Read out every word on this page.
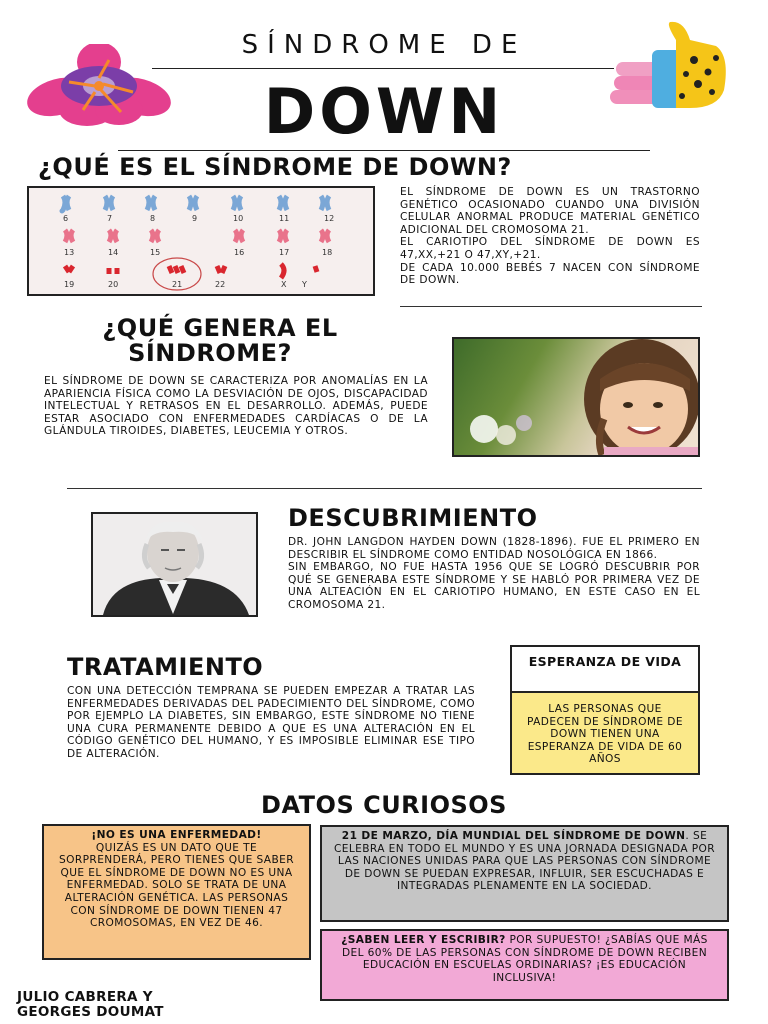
SÍNDROME DE
DOWN
¿QUÉ ES EL SÍNDROME DE DOWN?
6	7	8	9	10	11	12
13	14	15	16	17	18
19	20	21	22	X Y
EL SÍNDROME DE DOWN ES UN TRASTORNO GENÉTICO OCASIONADO CUANDO UNA DIVISIÓN CELULAR ANORMAL PRODUCE MATERIAL GENÉTICO ADICIONAL DEL CROMOSOMA 21.
EL CARIOTIPO DEL SÍNDROME DE DOWN ES 47,XX,+21 O 47,XY,+21.
DE CADA 10.000 BEBÉS 7 NACEN CON SÍNDROME DE DOWN.
¿QUÉ GENERA EL
SÍNDROME?
EL SÍNDROME DE DOWN SE CARACTERIZA POR ANOMALÍAS EN LA APARIENCIA FÍSICA COMO LA DESVIACIÓN DE OJOS, DISCAPACIDAD INTELECTUAL Y RETRASOS EN EL DESARROLLO. ADEMÁS, PUEDE ESTAR ASOCIADO CON ENFERMEDADES CARDÍACAS O DE LA GLÁNDULA TIROIDES, DIABETES, LEUCEMIA Y OTROS.
DESCUBRIMIENTO
DR. JOHN LANGDON HAYDEN DOWN (1828-1896). FUE EL PRIMERO EN DESCRIBIR EL SÍNDROME COMO ENTIDAD NOSOLÓGICA EN 1866.
SIN EMBARGO, NO FUE HASTA 1956 QUE SE LOGRÓ DESCUBRIR POR QUÉ SE GENERABA ESTE SÍNDROME Y SE HABLÓ POR PRIMERA VEZ DE UNA ALTEACIÓN EN EL CARIOTIPO HUMANO, EN ESTE CASO EN EL CROMOSOMA 21.
TRATAMIENTO
CON UNA DETECCIÓN TEMPRANA SE PUEDEN EMPEZAR A TRATAR LAS ENFERMEDADES DERIVADAS DEL PADECIMIENTO DEL SÍNDROME, COMO POR EJEMPLO LA DIABETES, SIN EMBARGO, ESTE SÍNDROME NO TIENE UNA CURA PERMANENTE DEBIDO A QUE ES UNA ALTERACIÓN EN EL CÓDIGO GENÉTICO DEL HUMANO, Y ES IMPOSIBLE ELIMINAR ESE TIPO DE ALTERACIÓN.
ESPERANZA DE VIDA
LAS PERSONAS QUE PADECEN DE SÍNDROME DE DOWN TIENEN UNA ESPERANZA DE VIDA DE 60 AÑOS
DATOS CURIOSOS
¡NO ES UNA ENFERMEDAD!
QUIZÁS ES UN DATO QUE TE SORPRENDERÁ, PERO TIENES QUE SABER QUE EL SÍNDROME DE DOWN NO ES UNA ENFERMEDAD. SOLO SE TRATA DE UNA ALTERACIÓN GENÉTICA. LAS PERSONAS CON SÍNDROME DE DOWN TIENEN 47 CROMOSOMAS, EN VEZ DE 46.
21 DE MARZO, DÍA MUNDIAL DEL SÍNDROME DE DOWN. SE CELEBRA EN TODO EL MUNDO Y ES UNA JORNADA DESIGNADA POR LAS NACIONES UNIDAS PARA QUE LAS PERSONAS CON SÍNDROME DE DOWN SE PUEDAN EXPRESAR, INFLUIR, SER ESCUCHADAS E INTEGRADAS PLENAMENTE EN LA SOCIEDAD.
¿SABEN LEER Y ESCRIBIR? POR SUPUESTO! ¿SABÍAS QUE MÁS DEL 60% DE LAS PERSONAS CON SÍNDROME DE DOWN RECIBEN EDUCACIÓN EN ESCUELAS ORDINARIAS? ¡ES EDUCACIÓN INCLUSIVA!
JULIO CABRERA Y
GEORGES DOUMAT
